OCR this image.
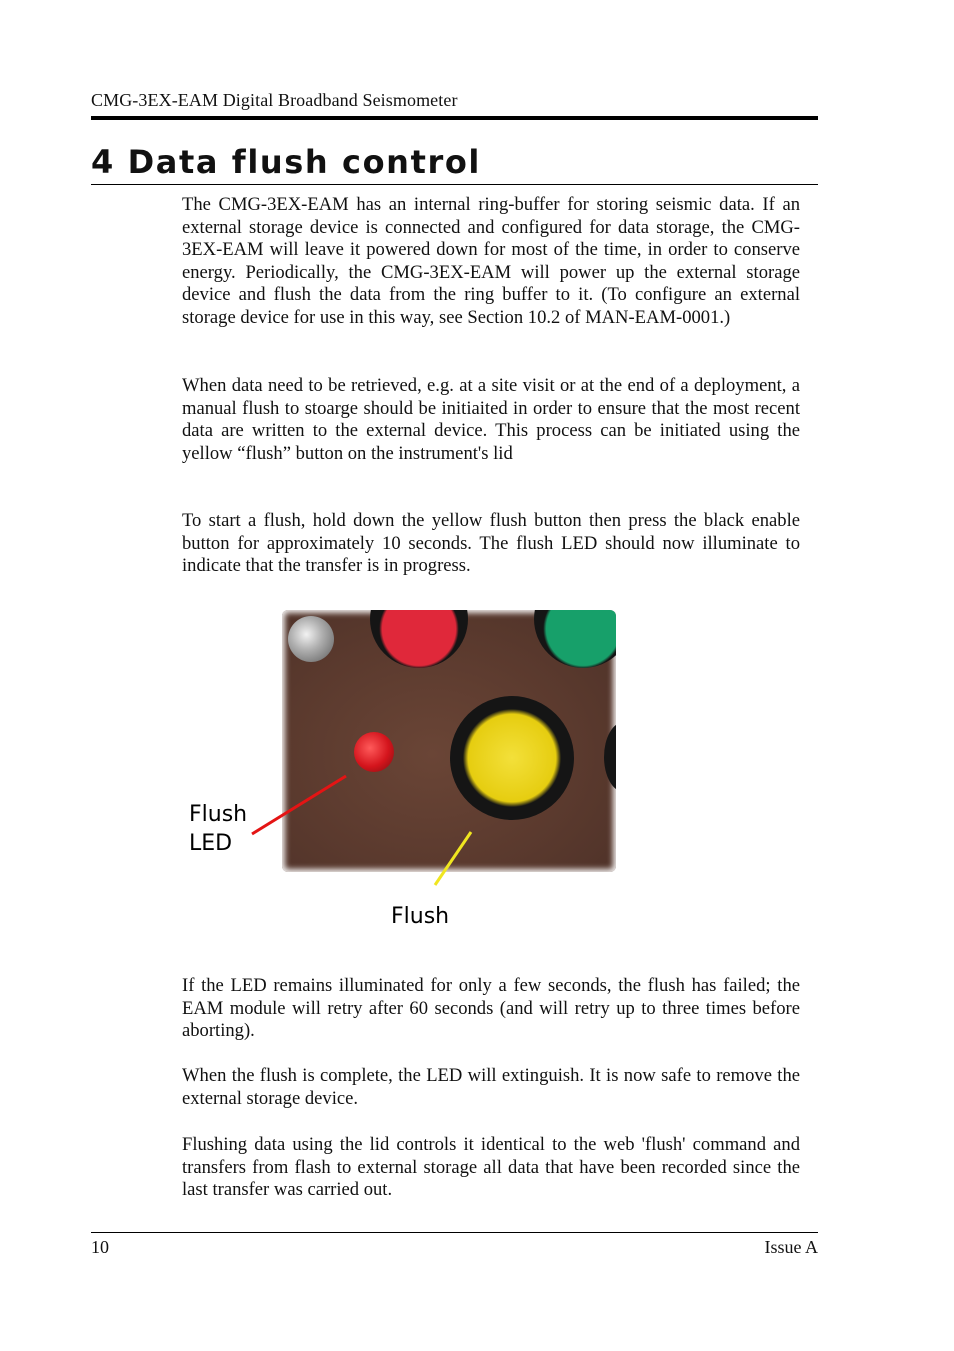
CMG-3EX-EAM Digital Broadband Seismometer
4 Data flush control

The CMG-3EX-EAM has an internal ring-buffer for storing seismic data. If an external storage device is connected and configured for data storage, the CMG-3EX-EAM will leave it powered down for most of the time, in order to conserve energy. Periodically, the CMG-3EX-EAM will power up the external storage device and flush the data from the ring buffer to it. (To configure an external storage device for use in this way, see Section 10.2 of MAN-EAM-0001.)

When data need to be retrieved, e.g. at a site visit or at the end of a deployment, a manual flush to stoarge should be initiaited in order to ensure that the most recent data are written to the external device. This process can be initiated using the yellow “flush” button on the instrument's lid

To start a flush, hold down the yellow flush button then press the black enable button for approximately 10 seconds. The flush LED should now illuminate to indicate that the transfer is in progress.

Flush LED
Flush

If the LED remains illuminated for only a few seconds, the flush has failed; the EAM module will retry after 60 seconds (and will retry up to three times before aborting).

When the flush is complete, the LED will extinguish. It is now safe to remove the external storage device.

Flushing data using the lid controls it identical to the web 'flush' command and transfers from flash to external storage all data that have been recorded since the last transfer was carried out.

10	Issue A
